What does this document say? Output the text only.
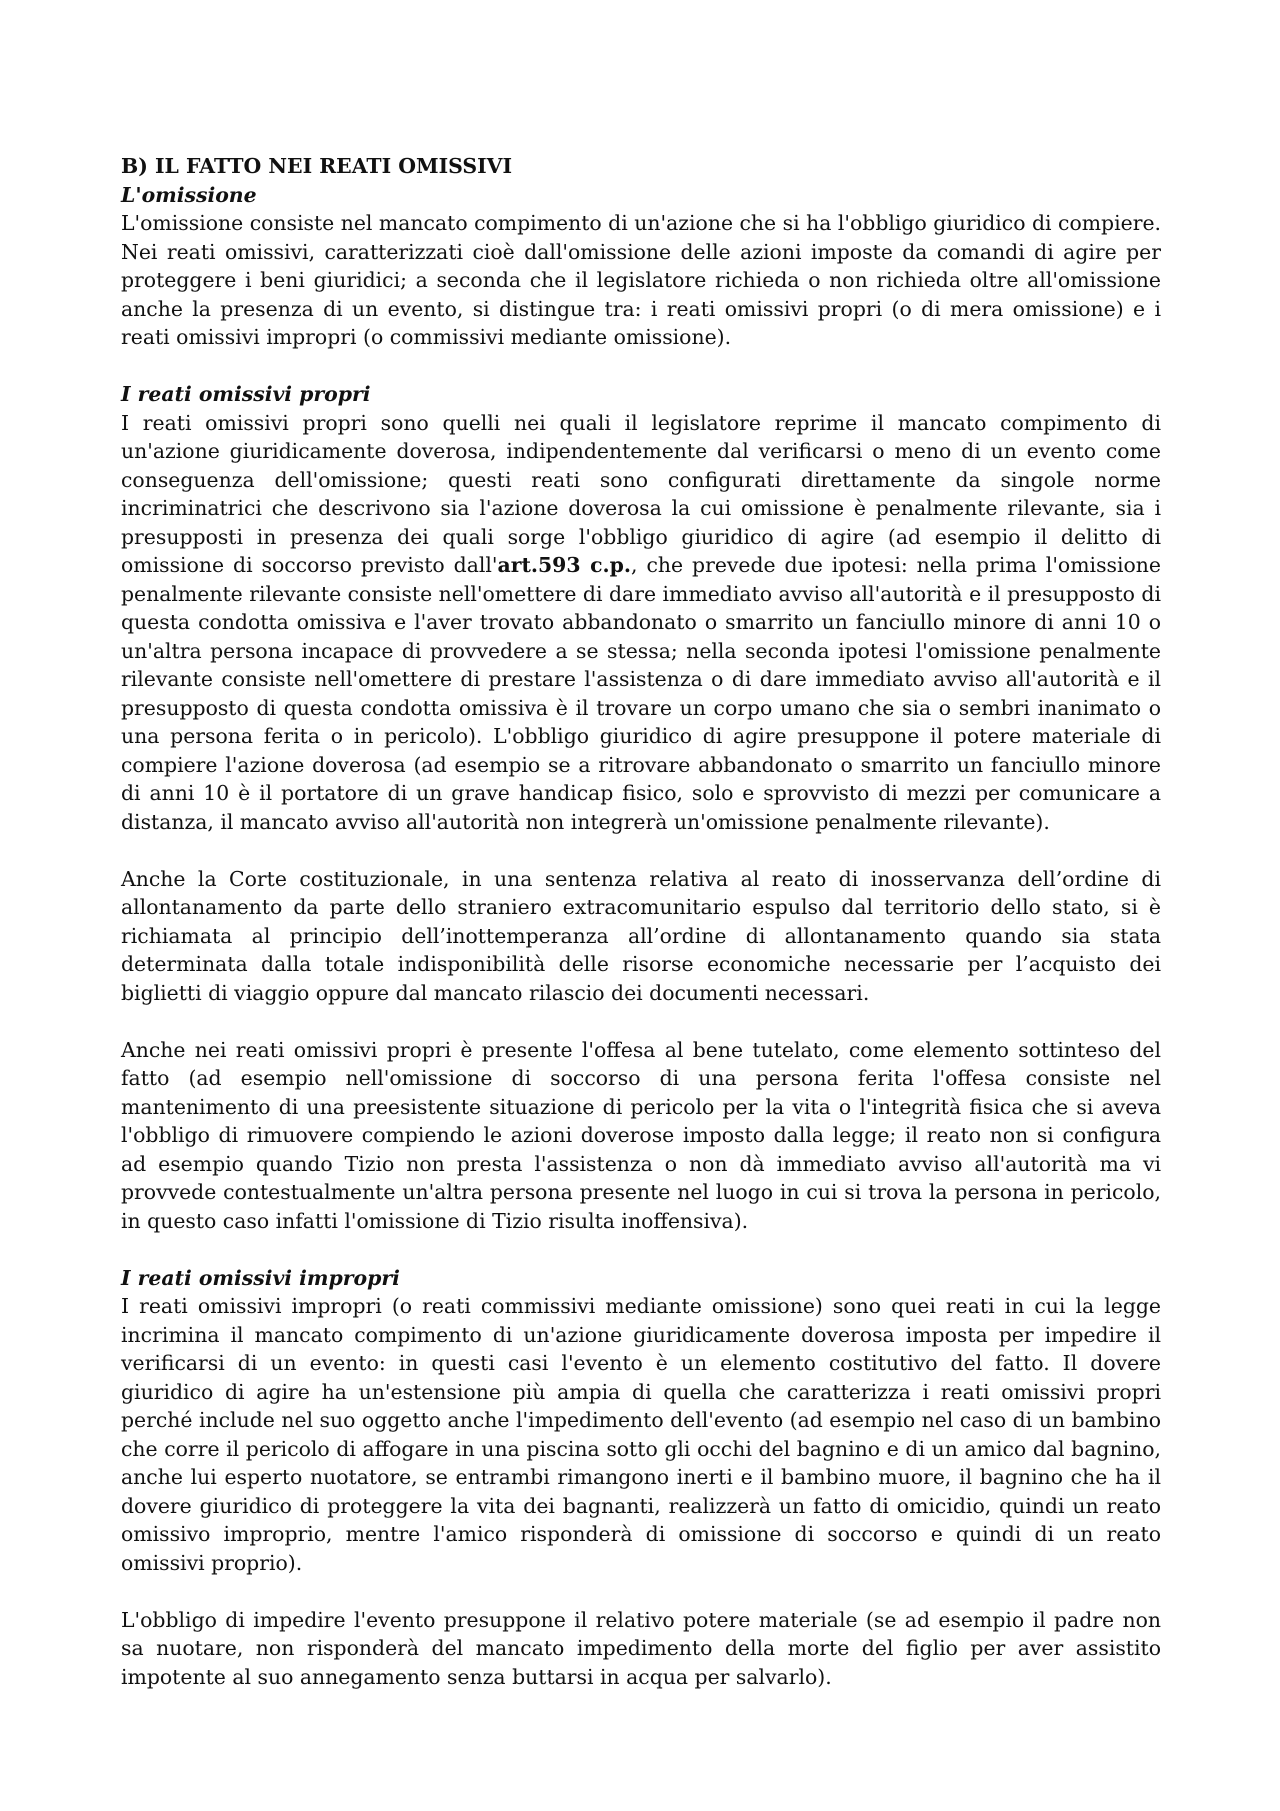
B) IL FATTO NEI REATI OMISSIVI

L'omissione

L'omissione consiste nel mancato compimento di un'azione che si ha l'obbligo giuridico di compiere. Nei reati omissivi, caratterizzati cioè dall'omissione delle azioni imposte da comandi di agire per proteggere i beni giuridici; a seconda che il legislatore richieda o non richieda oltre all'omissione anche la presenza di un evento, si distingue tra: i reati omissivi propri (o di mera omissione) e i reati omissivi impropri (o commissivi mediante omissione).

I reati omissivi propri

I reati omissivi propri sono quelli nei quali il legislatore reprime il mancato compimento di un'azione giuridicamente doverosa, indipendentemente dal verificarsi o meno di un evento come conseguenza dell'omissione; questi reati sono configurati direttamente da singole norme incriminatrici che descrivono sia l'azione doverosa la cui omissione è penalmente rilevante, sia i presupposti in presenza dei quali sorge l'obbligo giuridico di agire (ad esempio il delitto di omissione di soccorso previsto dall'art.593 c.p., che prevede due ipotesi: nella prima l'omissione penalmente rilevante consiste nell'omettere di dare immediato avviso all'autorità e il presupposto di questa condotta omissiva e l'aver trovato abbandonato o smarrito un fanciullo minore di anni 10 o un'altra persona incapace di provvedere a se stessa; nella seconda ipotesi l'omissione penalmente rilevante consiste nell'omettere di prestare l'assistenza o di dare immediato avviso all'autorità e il presupposto di questa condotta omissiva è il trovare un corpo umano che sia o sembri inanimato o una persona ferita o in pericolo). L'obbligo giuridico di agire presuppone il potere materiale di compiere l'azione doverosa (ad esempio se a ritrovare abbandonato o smarrito un fanciullo minore di anni 10 è il portatore di un grave handicap fisico, solo e sprovvisto di mezzi per comunicare a distanza, il mancato avviso all'autorità non integrerà un'omissione penalmente rilevante).

Anche la Corte costituzionale, in una sentenza relativa al reato di inosservanza dell’ordine di allontanamento da parte dello straniero extracomunitario espulso dal territorio dello stato, si è richiamata al principio dell’inottemperanza all’ordine di allontanamento quando sia stata determinata dalla totale indisponibilità delle risorse economiche necessarie per l’acquisto dei biglietti di viaggio oppure dal mancato rilascio dei documenti necessari.

Anche nei reati omissivi propri è presente l'offesa al bene tutelato, come elemento sottinteso del fatto (ad esempio nell'omissione di soccorso di una persona ferita l'offesa consiste nel mantenimento di una preesistente situazione di pericolo per la vita o l'integrità fisica che si aveva l'obbligo di rimuovere compiendo le azioni doverose imposto dalla legge; il reato non si configura ad esempio quando Tizio non presta l'assistenza o non dà immediato avviso all'autorità ma vi provvede contestualmente un'altra persona presente nel luogo in cui si trova la persona in pericolo, in questo caso infatti l'omissione di Tizio risulta inoffensiva).

I reati omissivi impropri

I reati omissivi impropri (o reati commissivi mediante omissione) sono quei reati in cui la legge incrimina il mancato compimento di un'azione giuridicamente doverosa imposta per impedire il verificarsi di un evento: in questi casi l'evento è un elemento costitutivo del fatto. Il dovere giuridico di agire ha un'estensione più ampia di quella che caratterizza i reati omissivi propri perché include nel suo oggetto anche l'impedimento dell'evento (ad esempio nel caso di un bambino che corre il pericolo di affogare in una piscina sotto gli occhi del bagnino e di un amico dal bagnino, anche lui esperto nuotatore, se entrambi rimangono inerti e il bambino muore, il bagnino che ha il dovere giuridico di proteggere la vita dei bagnanti, realizzerà un fatto di omicidio, quindi un reato omissivo improprio, mentre l'amico risponderà di omissione di soccorso e quindi di un reato omissivi proprio).

L'obbligo di impedire l'evento presuppone il relativo potere materiale (se ad esempio il padre non sa nuotare, non risponderà del mancato impedimento della morte del figlio per aver assistito impotente al suo annegamento senza buttarsi in acqua per salvarlo).
